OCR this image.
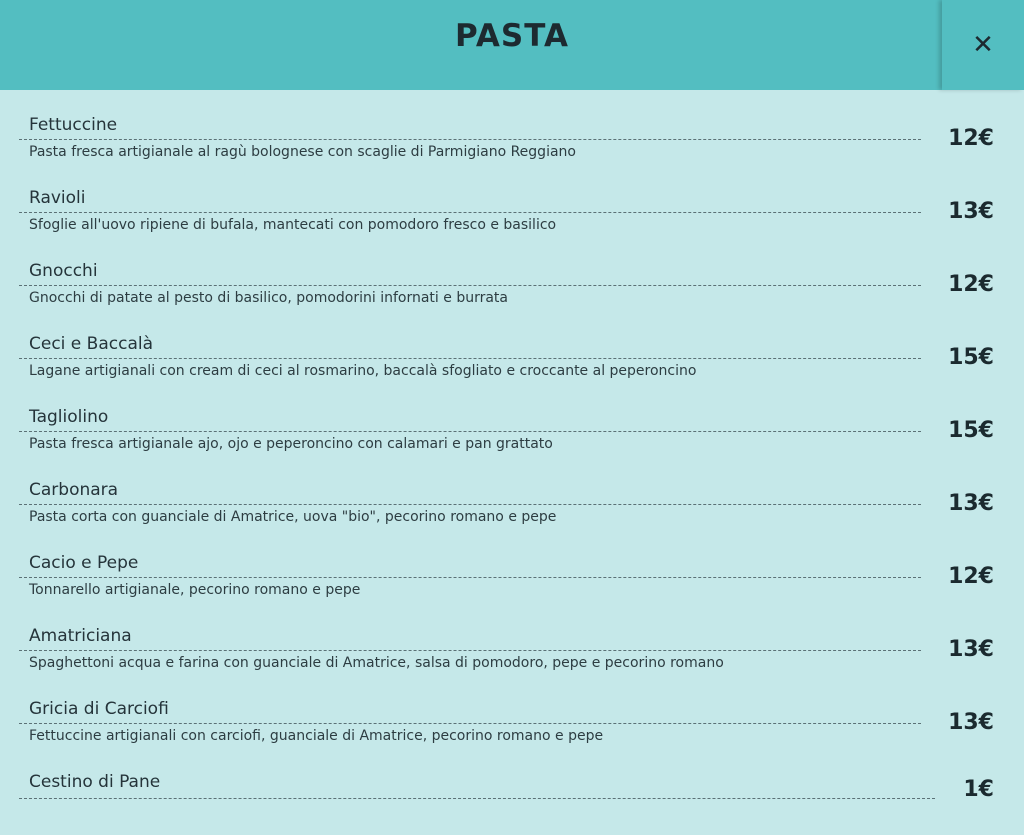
PASTA	✕
Fettuccine
Pasta fresca artigianale al ragù bolognese con scaglie di Parmigiano Reggiano
12€
Ravioli
Sfoglie all'uovo ripiene di bufala, mantecati con pomodoro fresco e basilico
13€
Gnocchi
Gnocchi di patate al pesto di basilico, pomodorini infornati e burrata
12€
Ceci e Baccalà
Lagane artigianali con cream di ceci al rosmarino, baccalà sfogliato e croccante al peperoncino
15€
Tagliolino
Pasta fresca artigianale ajo, ojo e peperoncino con calamari e pan grattato
15€
Carbonara
Pasta corta con guanciale di Amatrice, uova "bio", pecorino romano e pepe
13€
Cacio e Pepe
Tonnarello artigianale, pecorino romano e pepe
12€
Amatriciana
Spaghettoni acqua e farina con guanciale di Amatrice, salsa di pomodoro, pepe e pecorino romano
13€
Gricia di Carciofi
Fettuccine artigianali con carciofi, guanciale di Amatrice, pecorino romano e pepe
13€
Cestino di Pane	1€
